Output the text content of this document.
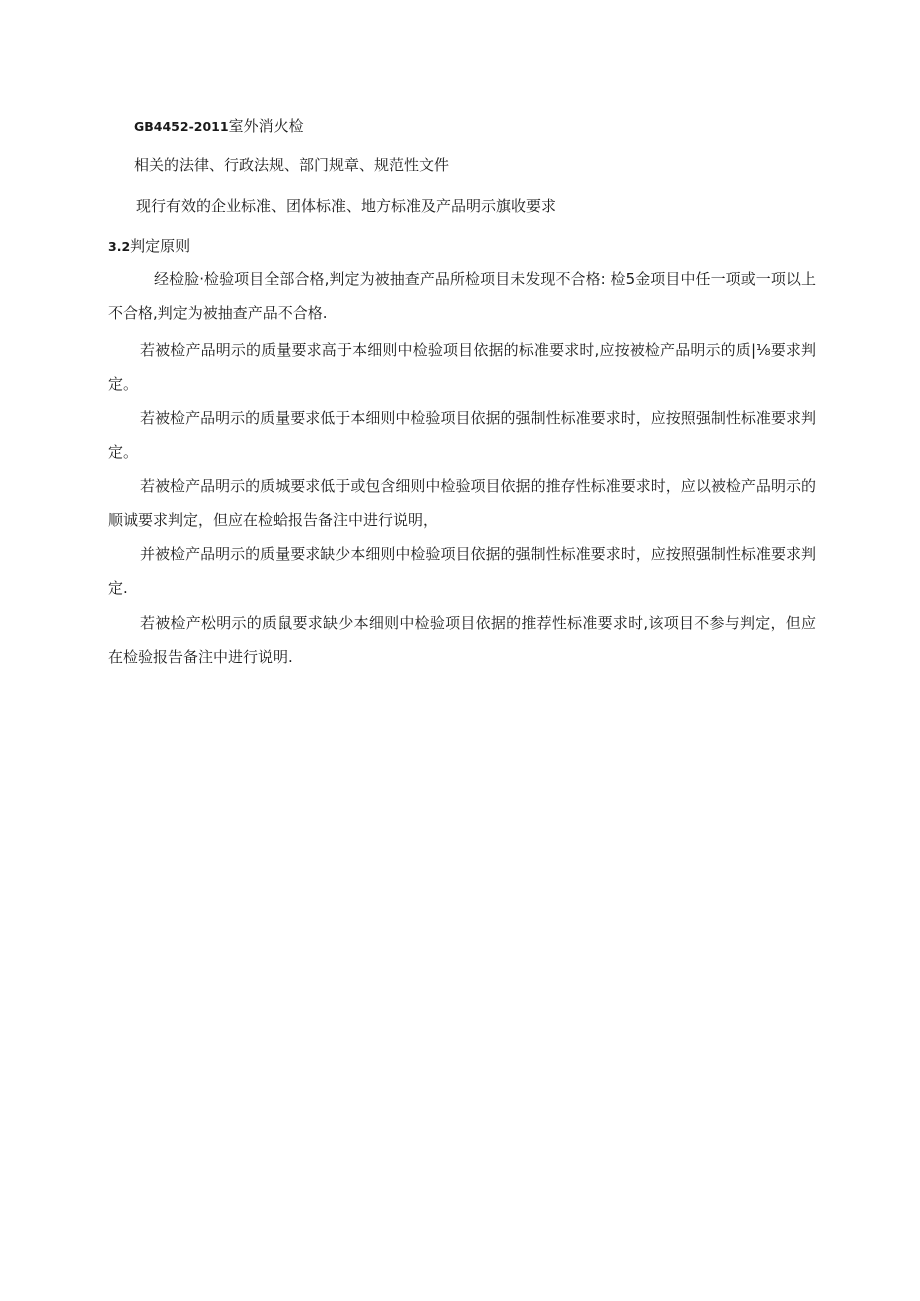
GB4452-2011室外消火检
相关的法律、行政法规、部门规章、规范性文件
现行有效的企业标准、团体标准、地方标准及产品明示旗收要求
3.2判定原则
经检脸·检验项目全部合格,判定为被抽查产品所检项目未发现不合格: 检5金项目中任一项或一项以上不合格,判定为被抽查产品不合格.
若被检产品明示的质量要求高于本细则中检验项目依据的标准要求时,应按被检产品明示的质|⅛要求判定。
若被检产品明示的质量要求低于本细则中检验项目依据的强制性标准要求时，应按照强制性标准要求判定。
若被检产品明示的质城要求低于或包含细则中检验项目依据的推存性标准要求时，应以被检产品明示的顺诚要求判定，但应在检蛤报告备注中进行说明，
并被检产品明示的质量要求缺少本细则中检验项目依据的强制性标准要求时，应按照强制性标准要求判定.
若被检产松明示的质鼠要求缺少本细则中检验项目依据的推荐性标准要求时,该项目不参与判定，但应在检验报告备注中进行说明.
